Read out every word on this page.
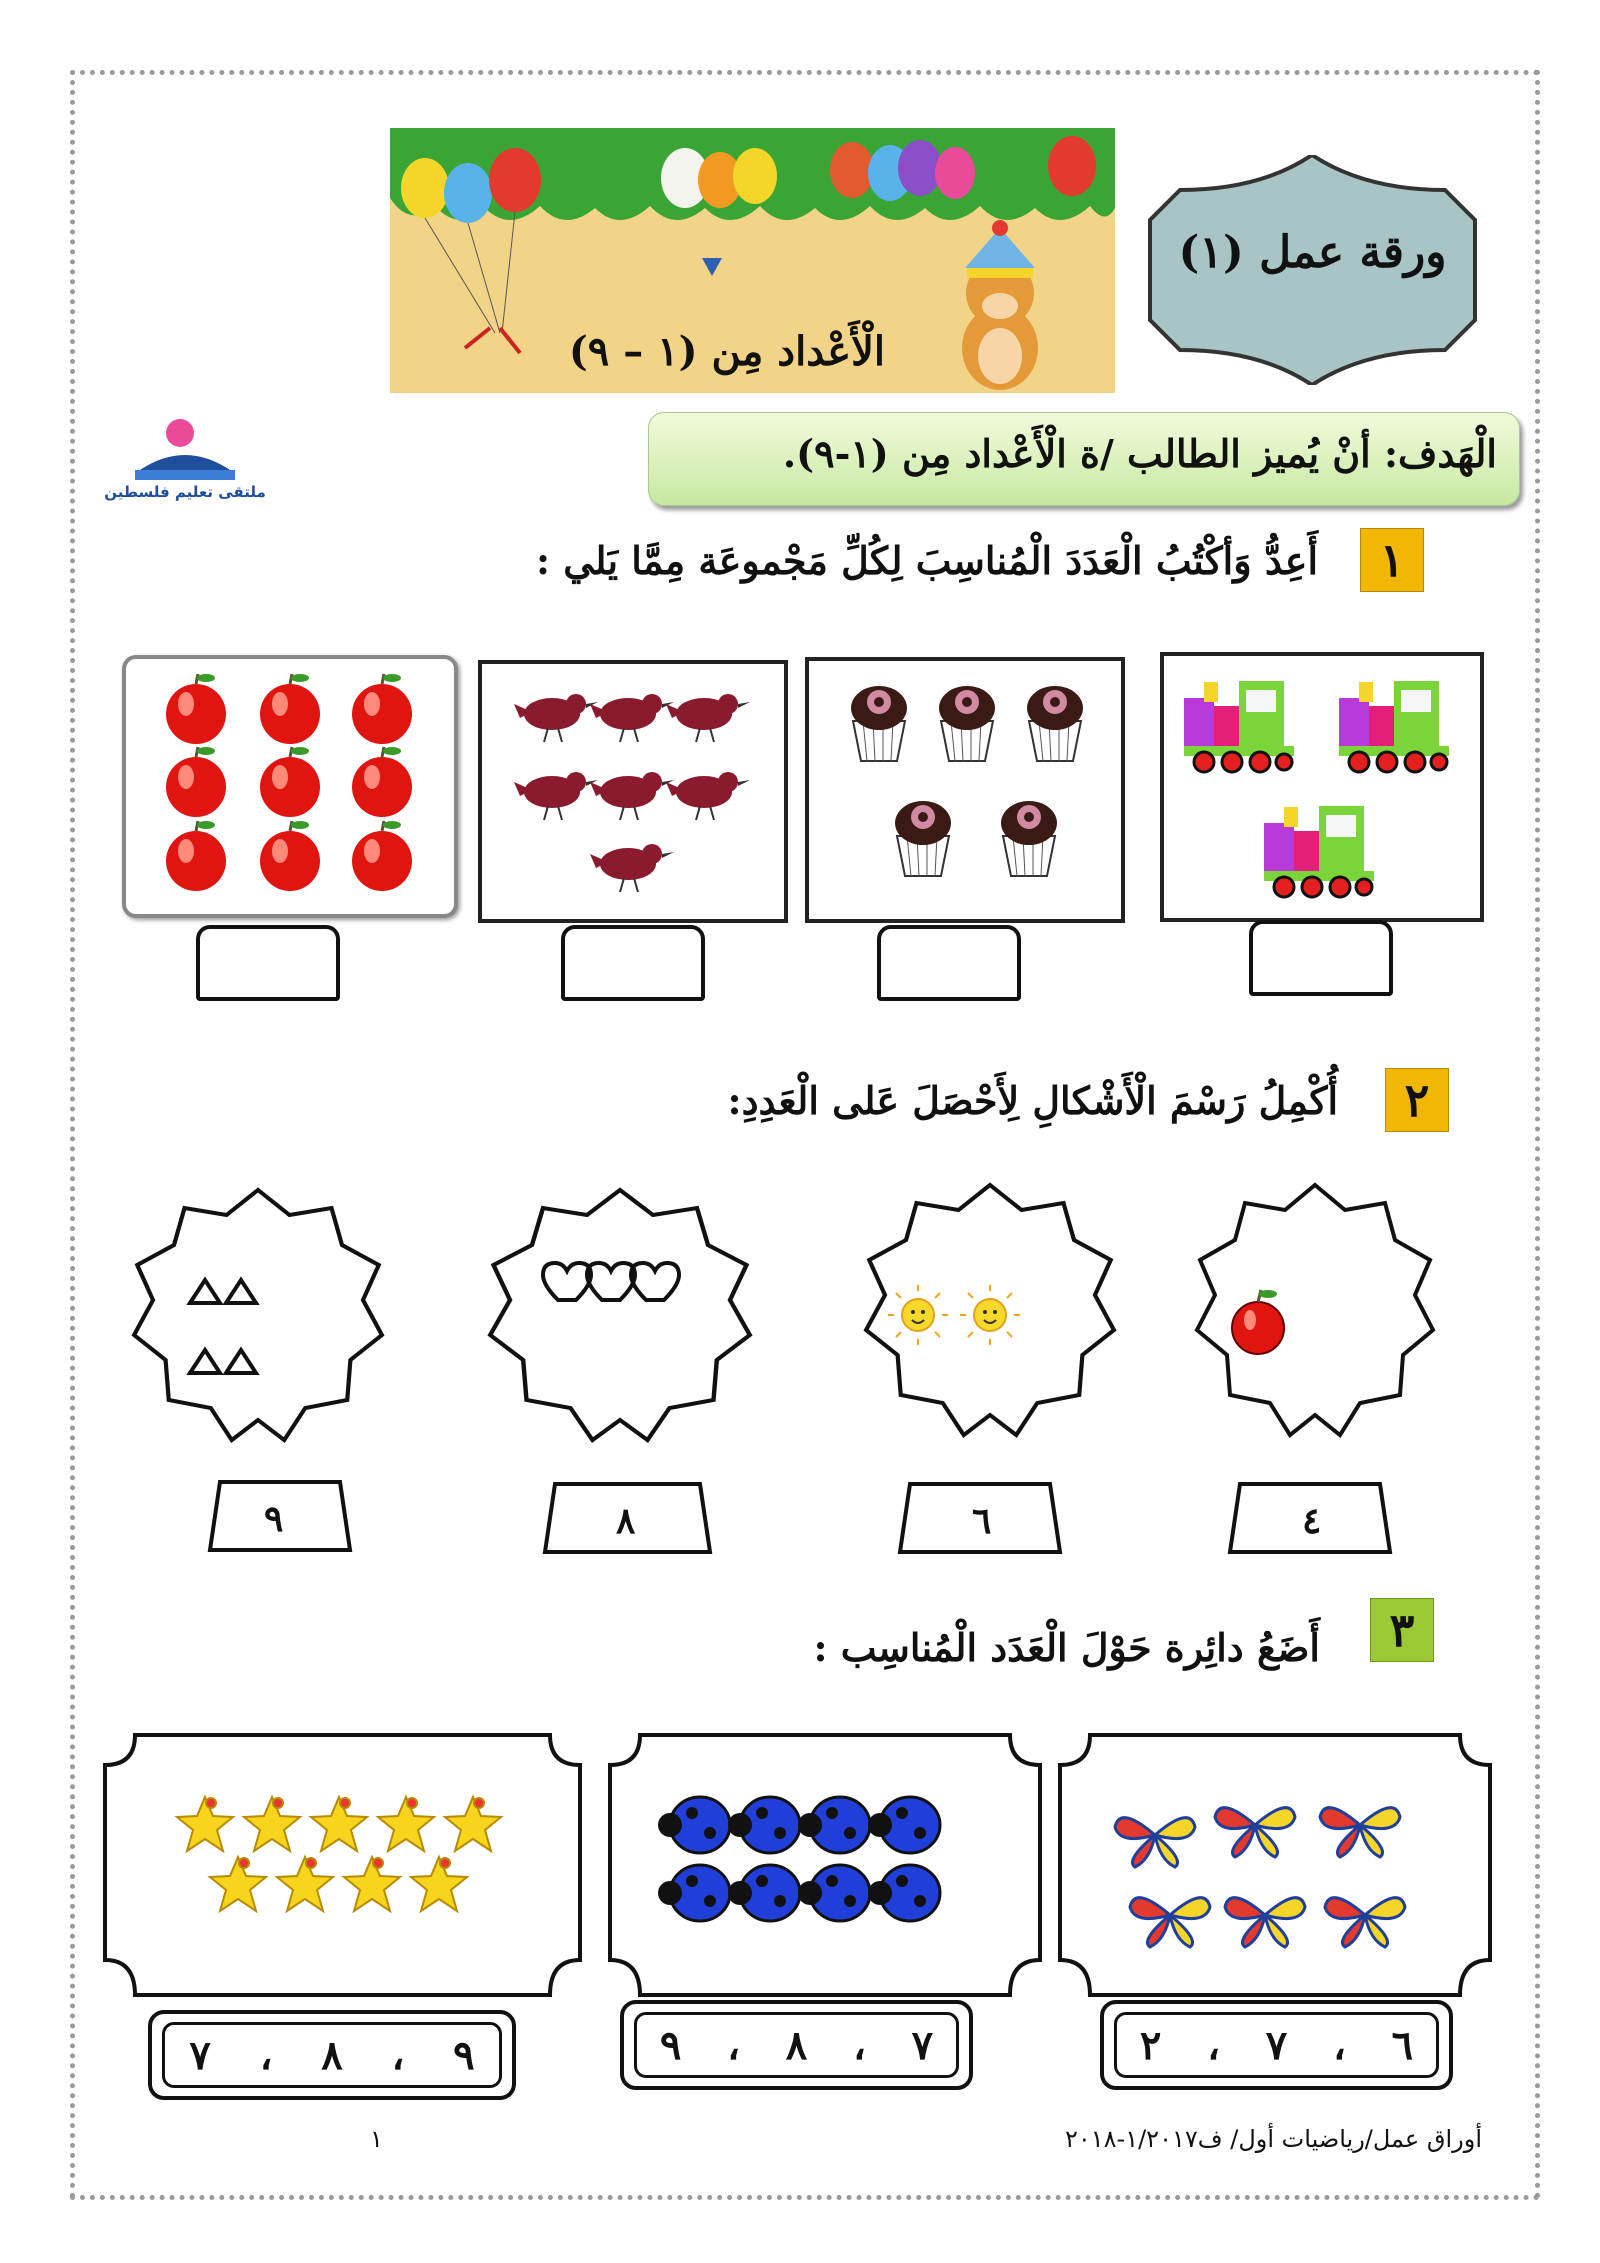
الْأَعْداد مِن (١ – ٩)
ورقة عمل (١)
ملتقى تعليم فلسطين
الْهَدف: أنْ يُميز الطالب /ة الْأَعْداد مِن (١-٩).
١
أَعِدُّ وَأكْتُبُ الْعَدَدَ الْمُناسِبَ لِكُلِّ مَجْموعَة مِمَّا يَلي :
٢
أُكْمِلُ رَسْمَ الْأَشْكالِ لِأَحْصَلَ عَلى الْعَدِدِ:
٩	٨	٦	٤
٣
أَضَعُ دائِرة حَوْلَ الْعَدَد الْمُناسِب :
٩
،
٨
،
٧	٧
،
٨
،
٩	٦
،
٧
،
٢
١	أوراق عمل/رياضيات أول/ ف١/٢٠١٧-٢٠١٨
